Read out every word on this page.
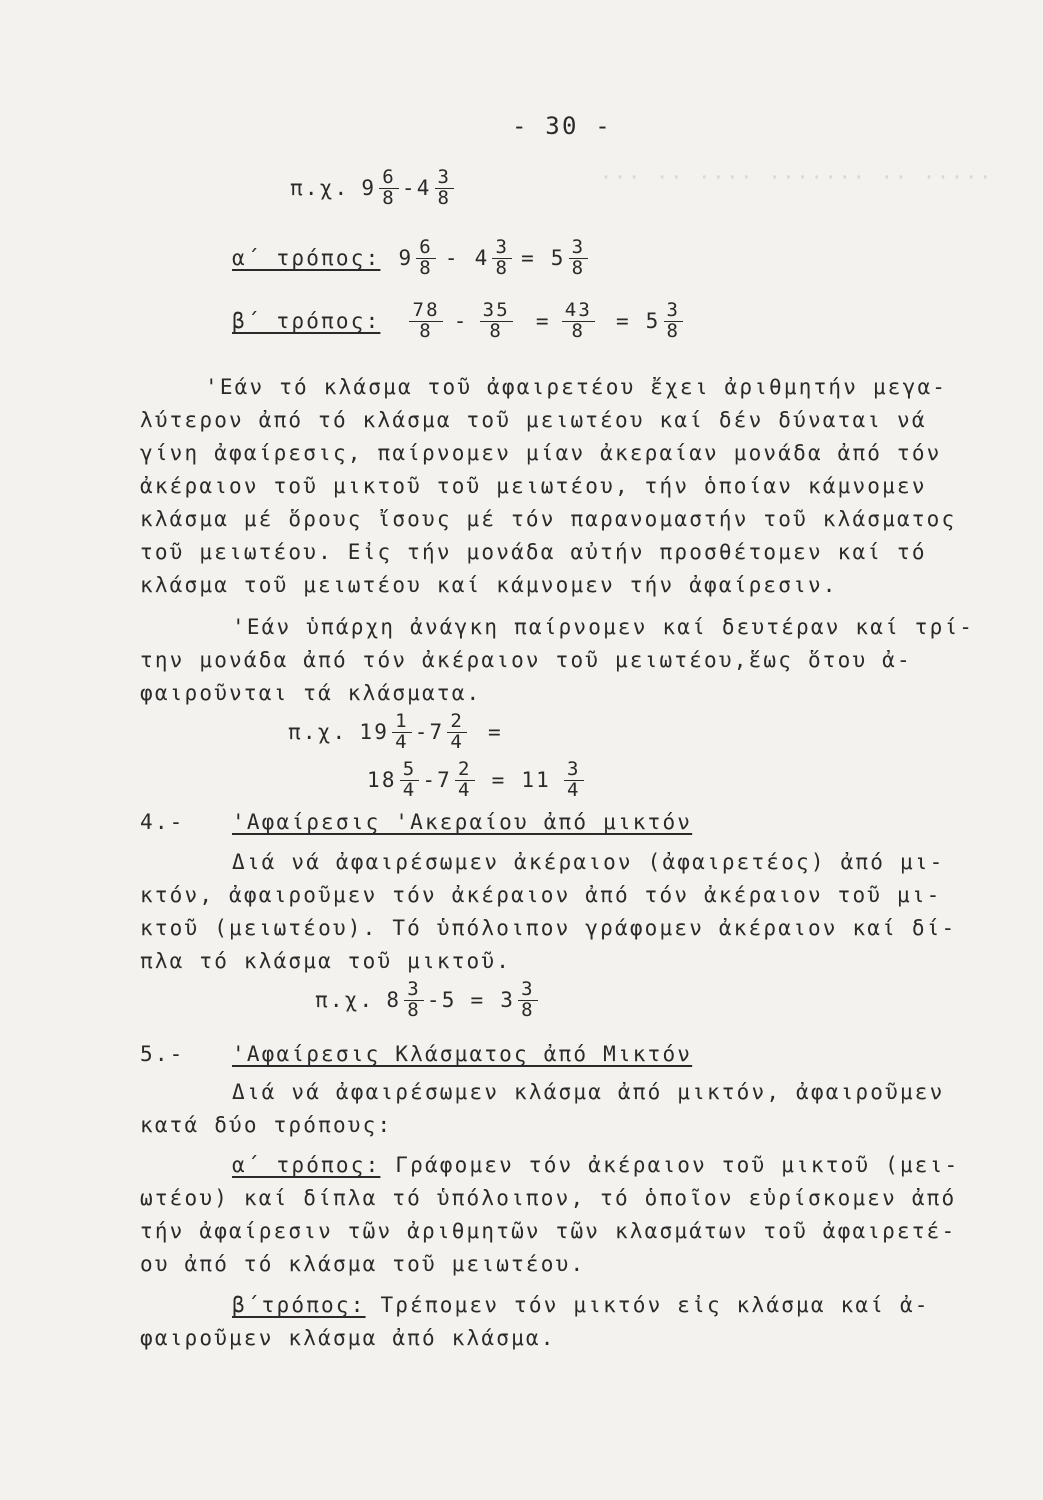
··· ·· ···· ······· ·· ·····
- 30 -
π.χ. $9 \frac{6}{8} -4 \frac{3}{8}$
α΄ τρόπος: $9 \frac{6}{8} - 4 \frac{3}{8} = 5 \frac{3}{8}$
β΄ τρόπος: $\frac{78}{8} - \frac{35}{8} = \frac{43}{8} = 5 \frac{3}{8}$
'Εάν τό κλάσμα τοῦ ἀφαιρετέου ἔχει ἀριθμητήν μεγα-
λύτερον ἀπό τό κλάσμα τοῦ μειωτέου καί δέν δύναται νά
γίνη ἀφαίρεσις, παίρνομεν μίαν ἀκεραίαν μονάδα ἀπό τόν
ἀκέραιον τοῦ μικτοῦ τοῦ μειωτέου, τήν ὁποίαν κάμνομεν
κλάσμα μέ ὅρους ἴσους μέ τόν παρανομαστήν τοῦ κλάσματος
τοῦ μειωτέου. Εἰς τήν μονάδα αὐτήν προσθέτομεν καί τό
κλάσμα τοῦ μειωτέου καί κάμνομεν τήν ἀφαίρεσιν.
'Εάν ὑπάρχη ἀνάγκη παίρνομεν καί δευτέραν καί τρί-
την μονάδα ἀπό τόν ἀκέραιον τοῦ μειωτέου,ἕως ὅτου ἀ-
φαιροῦνται τά κλάσματα.
π.χ. $19 \frac{1}{4} -7 \frac{2}{4}$ =
$18 \frac{5}{4} -7 \frac{2}{4} = 11 \frac{3}{4}$
4.- 'Αφαίρεσις 'Ακεραίου ἀπό μικτόν
Διά νά ἀφαιρέσωμεν ἀκέραιον (ἀφαιρετέος) ἀπό μι-
κτόν, ἀφαιροῦμεν τόν ἀκέραιον ἀπό τόν ἀκέραιον τοῦ μι-
κτοῦ (μειωτέου). Τό ὑπόλοιπον γράφομεν ἀκέραιον καί δί-
πλα τό κλάσμα τοῦ μικτοῦ.
π.χ. $8 \frac{3}{8} -5 = 3 \frac{3}{8}$
5.- 'Αφαίρεσις Κλάσματος ἀπό Μικτόν
Διά νά ἀφαιρέσωμεν κλάσμα ἀπό μικτόν, ἀφαιροῦμεν
κατά δύο τρόπους:
α΄ τρόπος: Γράφομεν τόν ἀκέραιον τοῦ μικτοῦ (μει-
ωτέου) καί δίπλα τό ὑπόλοιπον, τό ὁποῖον εὑρίσκομεν ἀπό
τήν ἀφαίρεσιν τῶν ἀριθμητῶν τῶν κλασμάτων τοῦ ἀφαιρετέ-
ου ἀπό τό κλάσμα τοῦ μειωτέου.
β΄τρόπος: Τρέπομεν τόν μικτόν εἰς κλάσμα καί ἀ-
φαιροῦμεν κλάσμα ἀπό κλάσμα.
